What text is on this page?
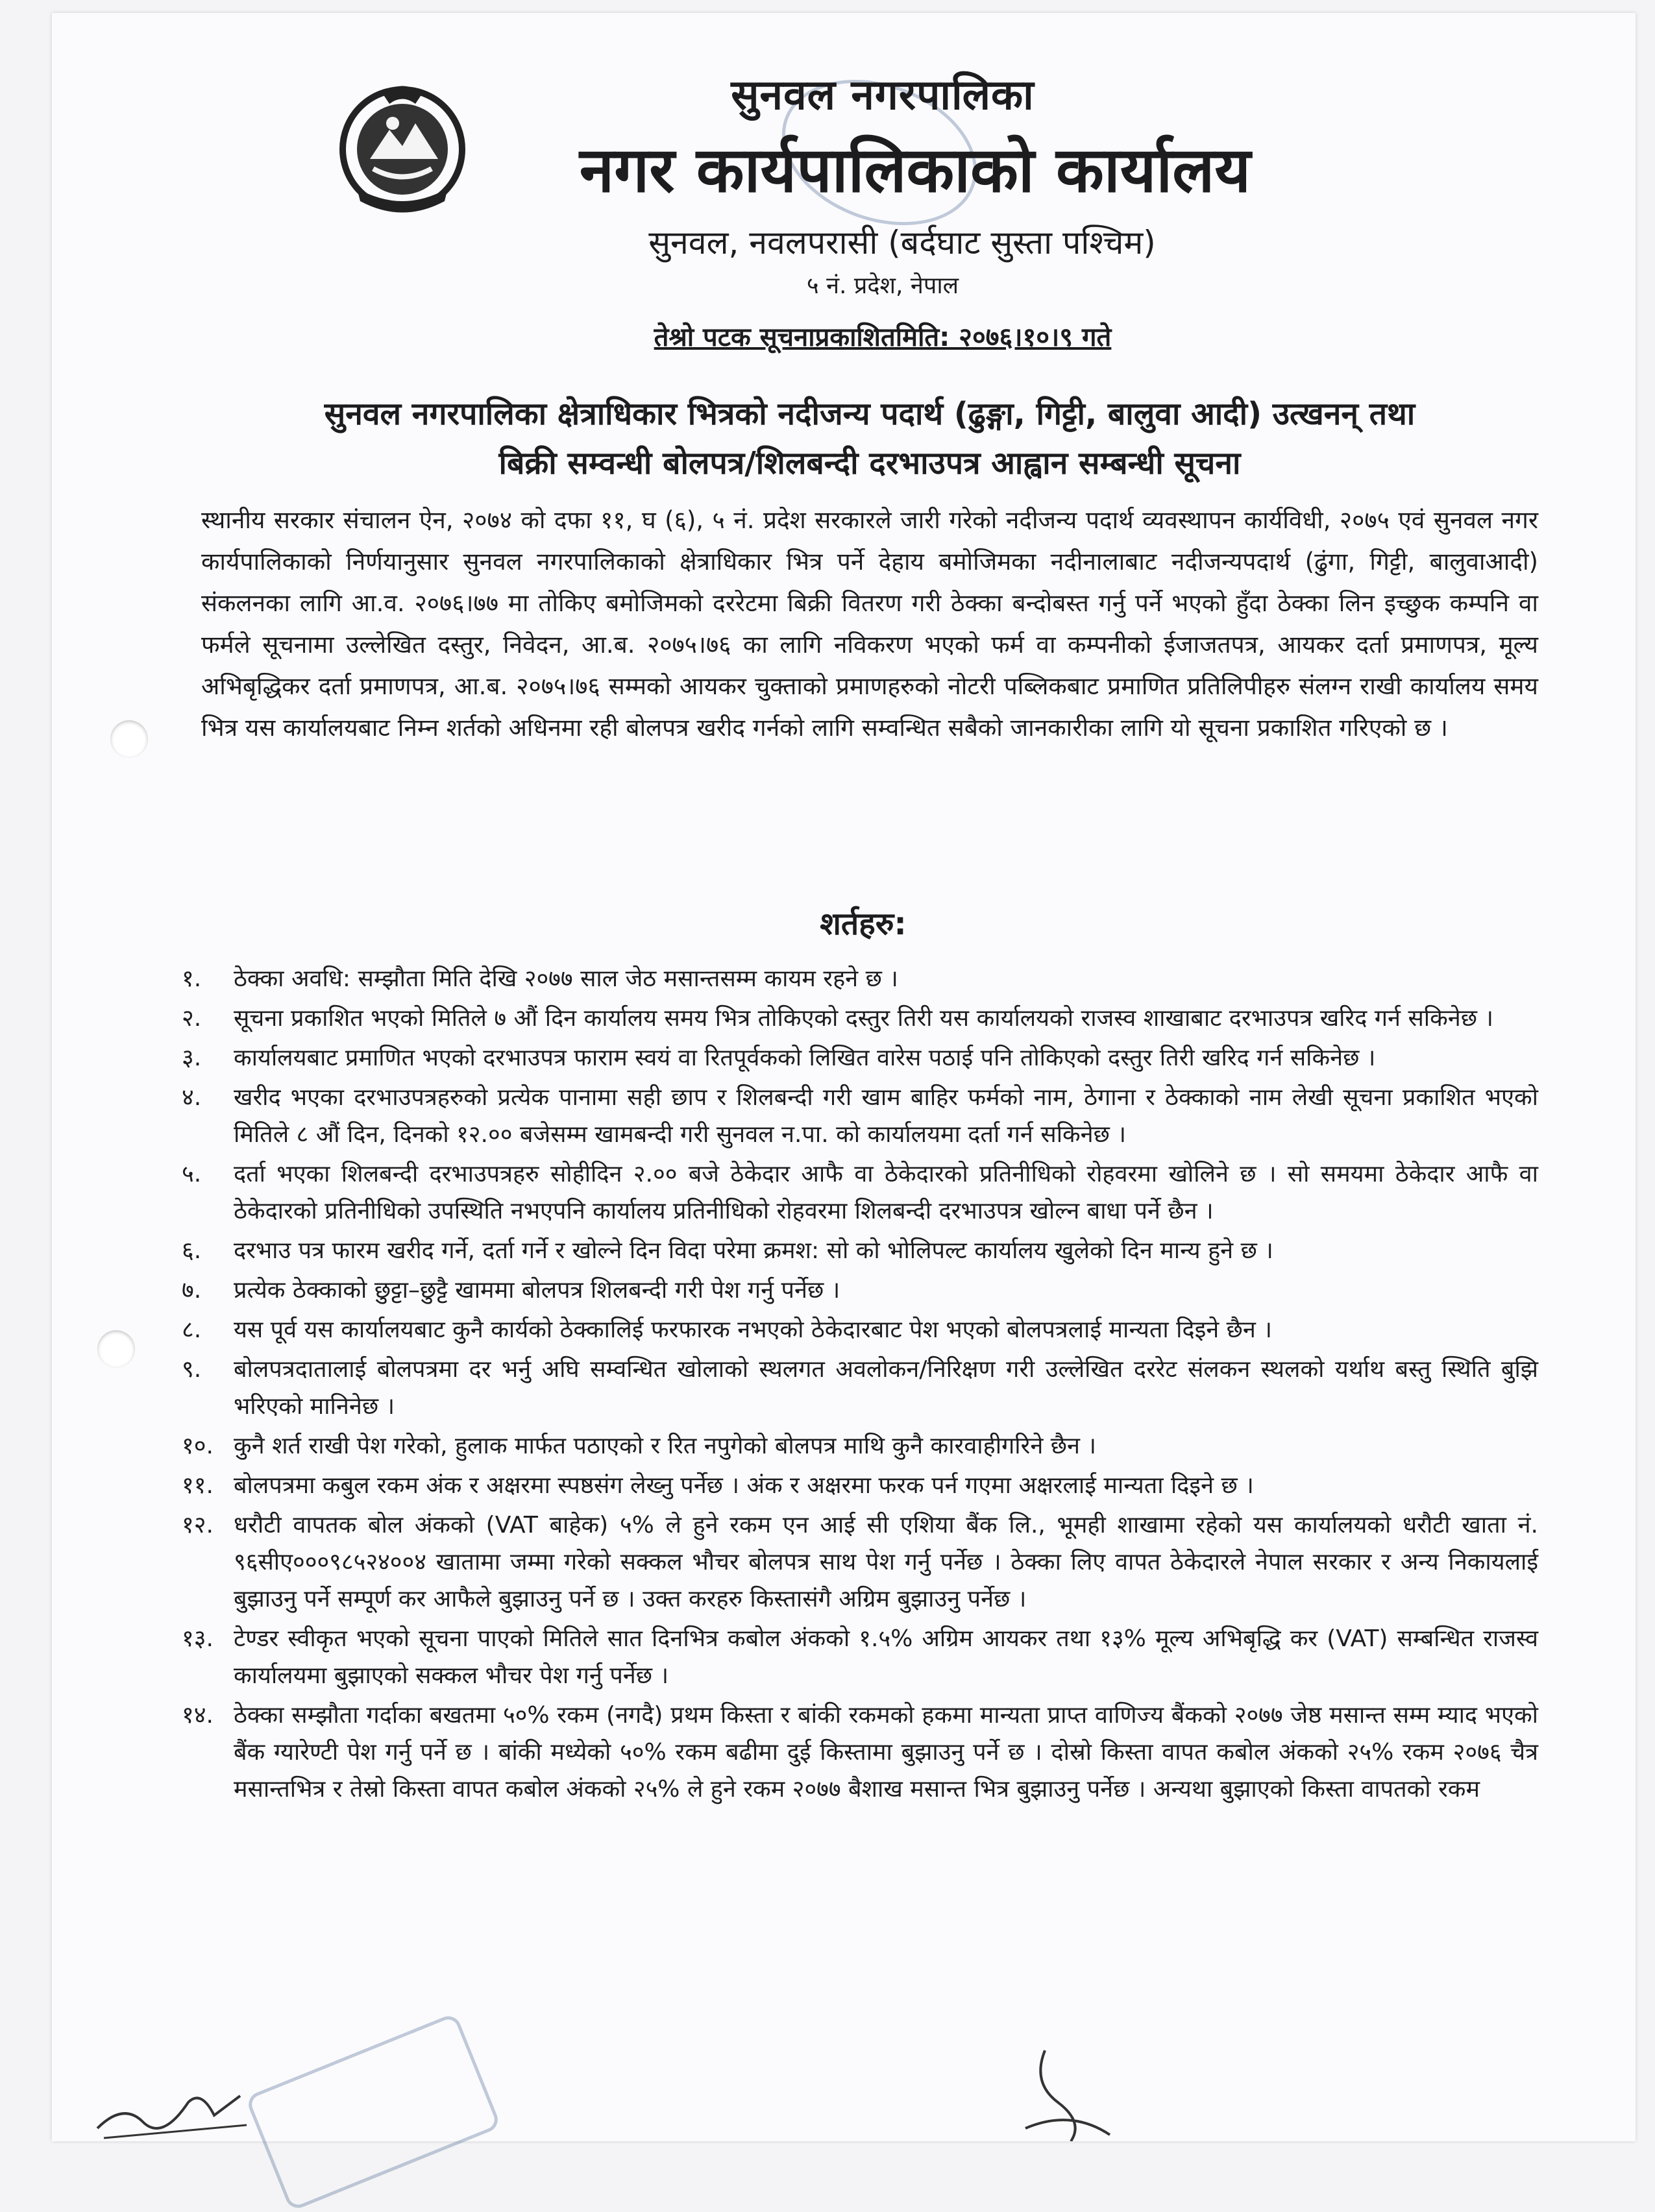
सुनवल नगरपालिका
नगर कार्यपालिकाको कार्यालय
सुनवल, नवलपरासी (बर्दघाट सुस्ता पश्चिम)
५ नं. प्रदेश, नेपाल
तेश्रो पटक सूचनाप्रकाशितमिति: २०७६।१०।९ गते
सुनवल नगरपालिका क्षेत्राधिकार भित्रको नदीजन्य पदार्थ (ढुङ्गा, गिट्टी, बालुवा आदी) उत्खनन् तथा
बिक्री सम्वन्धी बोलपत्र/शिलबन्दी दरभाउपत्र आह्वान सम्बन्धी सूचना
स्थानीय सरकार संचालन ऐन, २०७४ को दफा ११, घ (६), ५ नं. प्रदेश सरकारले जारी गरेको नदीजन्य पदार्थ व्यवस्थापन कार्यविधी, २०७५ एवं सुनवल नगर कार्यपालिकाको निर्णयानुसार सुनवल नगरपालिकाको क्षेत्राधिकार भित्र पर्ने देहाय बमोजिमका नदीनालाबाट नदीजन्यपदार्थ (ढुंगा, गिट्टी, बालुवाआदी) संकलनका लागि आ.व. २०७६।७७ मा तोकिए बमोजिमको दररेटमा बिक्री वितरण गरी ठेक्का बन्दोबस्त गर्नु पर्ने भएको हुँदा ठेक्का लिन इच्छुक कम्पनि वा फर्मले सूचनामा उल्लेखित दस्तुर, निवेदन, आ.ब. २०७५।७६ का लागि नविकरण भएको फर्म वा कम्पनीको ईजाजतपत्र, आयकर दर्ता प्रमाणपत्र, मूल्य अभिबृद्धिकर दर्ता प्रमाणपत्र, आ.ब. २०७५।७६ सम्मको आयकर चुक्ताको प्रमाणहरुको नोटरी पब्लिकबाट प्रमाणित प्रतिलिपीहरु संलग्न राखी कार्यालय समय भित्र यस कार्यालयबाट निम्न शर्तको अधिनमा रही बोलपत्र खरीद गर्नको लागि सम्वन्धित सबैको जानकारीका लागि यो सूचना प्रकाशित गरिएको छ ।
शर्तहरु:
१.	ठेक्का अवधि: सम्झौता मिति देखि २०७७ साल जेठ मसान्तसम्म कायम रहने छ ।
२.	सूचना प्रकाशित भएको मितिले ७ औं दिन कार्यालय समय भित्र तोकिएको दस्तुर तिरी यस कार्यालयको राजस्व शाखाबाट दरभाउपत्र खरिद गर्न सकिनेछ ।
३.	कार्यालयबाट प्रमाणित भएको दरभाउपत्र फाराम स्वयं वा रितपूर्वकको लिखित वारेस पठाई पनि तोकिएको दस्तुर तिरी खरिद गर्न सकिनेछ ।
४.	खरीद भएका दरभाउपत्रहरुको प्रत्येक पानामा सही छाप र शिलबन्दी गरी खाम बाहिर फर्मको नाम, ठेगाना र ठेक्काको नाम लेखी सूचना प्रकाशित भएको मितिले ८ औं दिन, दिनको १२.०० बजेसम्म खामबन्दी गरी सुनवल न.पा. को कार्यालयमा दर्ता गर्न सकिनेछ ।
५.	दर्ता भएका शिलबन्दी दरभाउपत्रहरु सोहीदिन २.०० बजे ठेकेदार आफै वा ठेकेदारको प्रतिनीधिको रोहवरमा खोलिने छ । सो समयमा ठेकेदार आफै वा ठेकेदारको प्रतिनीधिको उपस्थिति नभएपनि कार्यालय प्रतिनीधिको रोहवरमा शिलबन्दी दरभाउपत्र खोल्न बाधा पर्ने छैन ।
६.	दरभाउ पत्र फारम खरीद गर्ने, दर्ता गर्ने र खोल्ने दिन विदा परेमा क्रमश: सो को भोलिपल्ट कार्यालय खुलेको दिन मान्य हुने छ ।
७.	प्रत्येक ठेक्काको छुट्टा–छुट्टै खाममा बोलपत्र शिलबन्दी गरी पेश गर्नु पर्नेछ ।
८.	यस पूर्व यस कार्यालयबाट कुनै कार्यको ठेक्कालिई फरफारक नभएको ठेकेदारबाट पेश भएको बोलपत्रलाई मान्यता दिइने छैन ।
९.	बोलपत्रदातालाई बोलपत्रमा दर भर्नु अघि सम्वन्धित खोलाको स्थलगत अवलोकन/निरिक्षण गरी उल्लेखित दररेट संलकन स्थलको यर्थाथ बस्तु स्थिति बुझि भरिएको मानिनेछ ।
१०. कुनै शर्त राखी पेश गरेको, हुलाक मार्फत पठाएको र रित नपुगेको बोलपत्र माथि कुनै कारवाहीगरिने छैन ।
११. बोलपत्रमा कबुल रकम अंक र अक्षरमा स्पष्ठसंग लेख्नु पर्नेछ । अंक र अक्षरमा फरक पर्न गएमा अक्षरलाई मान्यता दिइने छ ।
१२. धरौटी वापतक बोल अंकको (VAT बाहेक) ५% ले हुने रकम एन आई सी एशिया बैंक लि., भूमही शाखामा रहेको यस कार्यालयको धरौटी खाता नं. ९६सीए०००९८५२४००४ खातामा जम्मा गरेको सक्कल भौचर बोलपत्र साथ पेश गर्नु पर्नेछ । ठेक्का लिए वापत ठेकेदारले नेपाल सरकार र अन्य निकायलाई बुझाउनु पर्ने सम्पूर्ण कर आफैले बुझाउनु पर्ने छ । उक्त करहरु किस्तासंगै अग्रिम बुझाउनु पर्नेछ ।
१३. टेण्डर स्वीकृत भएको सूचना पाएको मितिले सात दिनभित्र कबोल अंकको १.५% अग्रिम आयकर तथा १३% मूल्य अभिबृद्धि कर (VAT) सम्बन्धित राजस्व कार्यालयमा बुझाएको सक्कल भौचर पेश गर्नु पर्नेछ ।
१४. ठेक्का सम्झौता गर्दाका बखतमा ५०% रकम (नगदै) प्रथम किस्ता र बांकी रकमको हकमा मान्यता प्राप्त वाणिज्य बैंकको २०७७ जेष्ठ मसान्त सम्म म्याद भएको बैंक ग्यारेण्टी पेश गर्नु पर्ने छ । बांकी मध्येको ५०% रकम बढीमा दुई किस्तामा बुझाउनु पर्ने छ । दोस्रो किस्ता वापत कबोल अंकको २५% रकम २०७६ चैत्र मसान्तभित्र र तेस्रो किस्ता वापत कबोल अंकको २५% ले हुने रकम २०७७ बैशाख मसान्त भित्र बुझाउनु पर्नेछ । अन्यथा बुझाएको किस्ता वापतको रकम
